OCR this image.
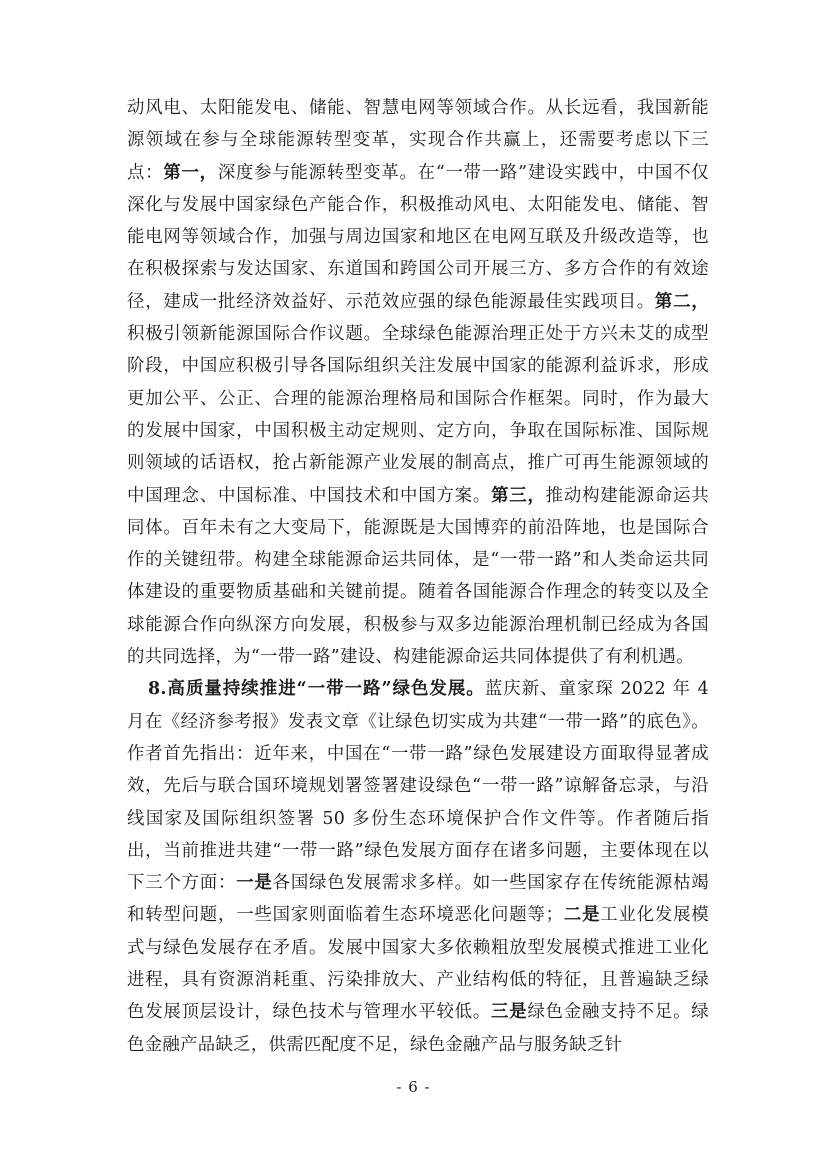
动风电、太阳能发电、储能、智慧电网等领域合作。从长远看，我国新能源领域在参与全球能源转型变革，实现合作共赢上，还需要考虑以下三点：第一，深度参与能源转型变革。在“一带一路”建设实践中，中国不仅深化与发展中国家绿色产能合作，积极推动风电、太阳能发电、储能、智能电网等领域合作，加强与周边国家和地区在电网互联及升级改造等，也在积极探索与发达国家、东道国和跨国公司开展三方、多方合作的有效途径，建成一批经济效益好、示范效应强的绿色能源最佳实践项目。第二，积极引领新能源国际合作议题。全球绿色能源治理正处于方兴未艾的成型阶段，中国应积极引导各国际组织关注发展中国家的能源利益诉求，形成更加公平、公正、合理的能源治理格局和国际合作框架。同时，作为最大的发展中国家，中国积极主动定规则、定方向，争取在国际标准、国际规则领域的话语权，抢占新能源产业发展的制高点，推广可再生能源领域的中国理念、中国标准、中国技术和中国方案。第三，推动构建能源命运共同体。百年未有之大变局下，能源既是大国博弈的前沿阵地，也是国际合作的关键纽带。构建全球能源命运共同体，是“一带一路”和人类命运共同体建设的重要物质基础和关键前提。随着各国能源合作理念的转变以及全球能源合作向纵深方向发展，积极参与双多边能源治理机制已经成为各国的共同选择，为“一带一路”建设、构建能源命运共同体提供了有利机遇。

8.高质量持续推进“一带一路”绿色发展。蓝庆新、童家琛 2022 年 4 月在《经济参考报》发表文章《让绿色切实成为共建“一带一路”的底色》。作者首先指出：近年来，中国在“一带一路”绿色发展建设方面取得显著成效，先后与联合国环境规划署签署建设绿色“一带一路”谅解备忘录，与沿线国家及国际组织签署 50 多份生态环境保护合作文件等。作者随后指出，当前推进共建“一带一路”绿色发展方面存在诸多问题，主要体现在以下三个方面：一是各国绿色发展需求多样。如一些国家存在传统能源枯竭和转型问题，一些国家则面临着生态环境恶化问题等；二是工业化发展模式与绿色发展存在矛盾。发展中国家大多依赖粗放型发展模式推进工业化进程，具有资源消耗重、污染排放大、产业结构低的特征，且普遍缺乏绿色发展顶层设计，绿色技术与管理水平较低。三是绿色金融支持不足。绿色金融产品缺乏，供需匹配度不足，绿色金融产品与服务缺乏针

- 6 -
